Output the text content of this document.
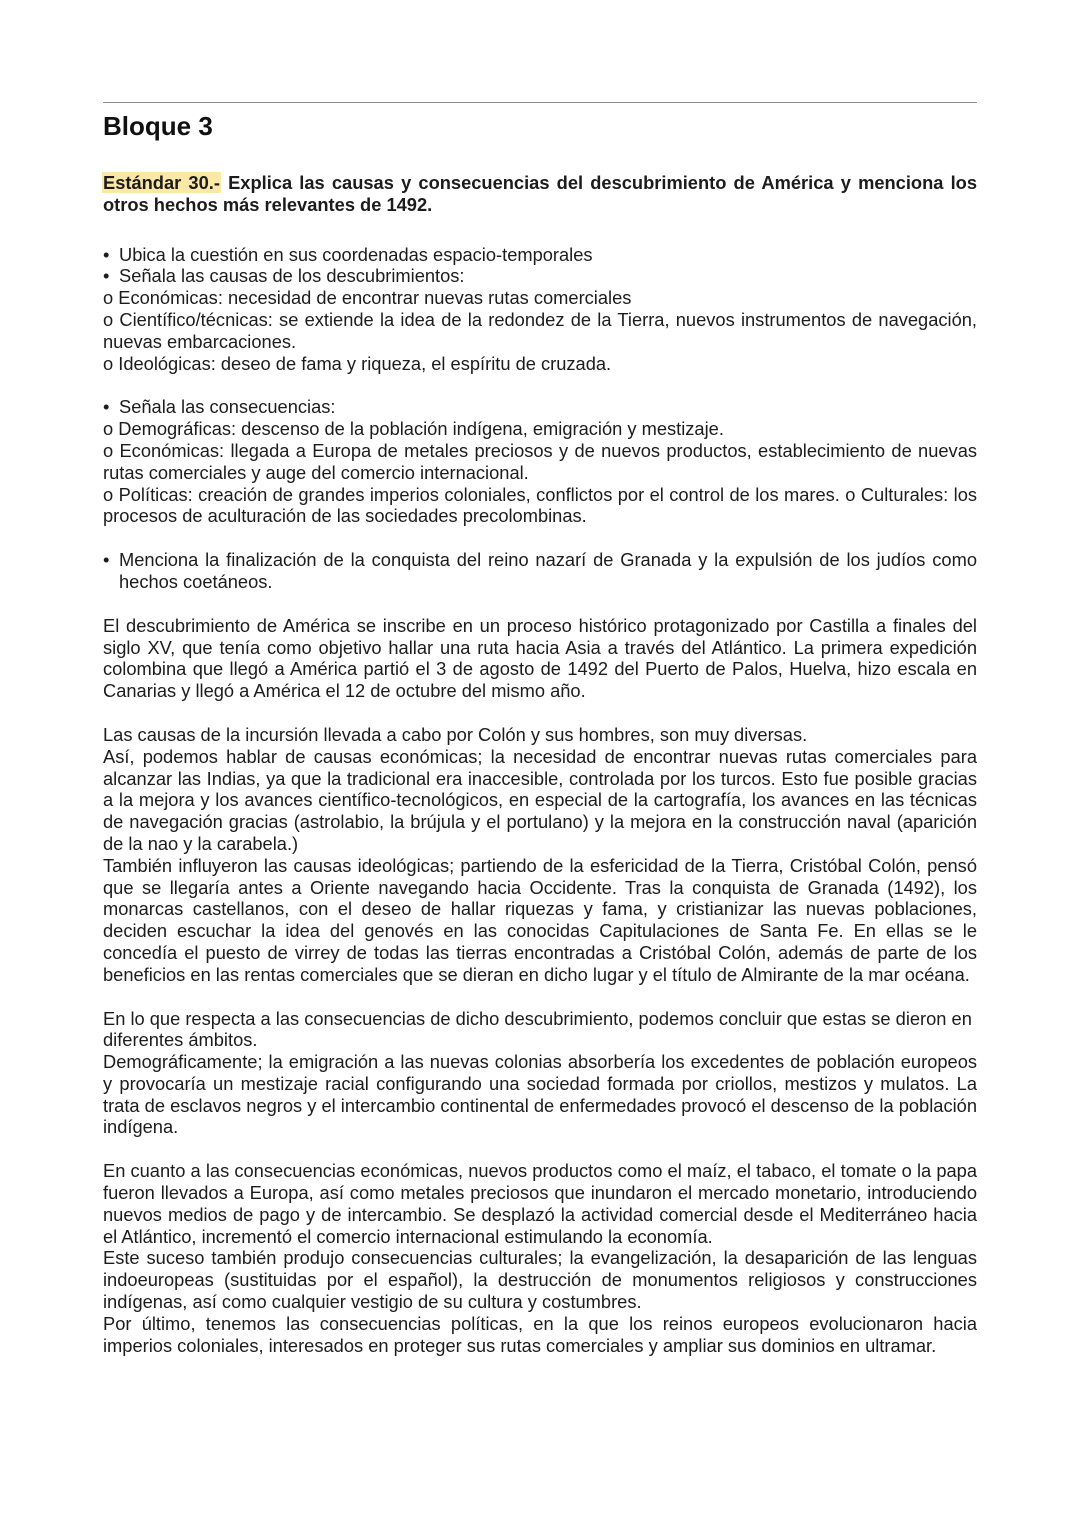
Bloque 3

Estándar 30.- Explica las causas y consecuencias del descubrimiento de América y menciona los otros hechos más relevantes de 1492.

• Ubica la cuestión en sus coordenadas espacio-temporales

• Señala las causas de los descubrimientos:

o Económicas: necesidad de encontrar nuevas rutas comerciales

o Científico/técnicas: se extiende la idea de la redondez de la Tierra, nuevos instrumentos de navegación, nuevas embarcaciones.

o Ideológicas: deseo de fama y riqueza, el espíritu de cruzada.

• Señala las consecuencias:

o Demográficas: descenso de la población indígena, emigración y mestizaje.

o Económicas: llegada a Europa de metales preciosos y de nuevos productos, establecimiento de nuevas rutas comerciales y auge del comercio internacional.

o Políticas: creación de grandes imperios coloniales, conflictos por el control de los mares. o Culturales: los procesos de aculturación de las sociedades precolombinas.

• Menciona la finalización de la conquista del reino nazarí de Granada y la expulsión de los judíos como hechos coetáneos.

El descubrimiento de América se inscribe en un proceso histórico protagonizado por Castilla a finales del siglo XV, que tenía como objetivo hallar una ruta hacia Asia a través del Atlántico. La primera expedición colombina que llegó a América partió el 3 de agosto de 1492 del Puerto de Palos, Huelva, hizo escala en Canarias y llegó a América el 12 de octubre del mismo año.

Las causas de la incursión llevada a cabo por Colón y sus hombres, son muy diversas.

Así, podemos hablar de causas económicas; la necesidad de encontrar nuevas rutas comerciales para alcanzar las Indias, ya que la tradicional era inaccesible, controlada por los turcos. Esto fue posible gracias a la mejora y los avances científico-tecnológicos, en especial de la cartografía, los avances en las técnicas de navegación gracias (astrolabio, la brújula y el portulano) y la mejora en la construcción naval (aparición de la nao y la carabela.)

También influyeron las causas ideológicas; partiendo de la esfericidad de la Tierra, Cristóbal Colón, pensó que se llegaría antes a Oriente navegando hacia Occidente. Tras la conquista de Granada (1492), los monarcas castellanos, con el deseo de hallar riquezas y fama, y cristianizar las nuevas poblaciones, deciden escuchar la idea del genovés en las conocidas Capitulaciones de Santa Fe. En ellas se le concedía el puesto de virrey de todas las tierras encontradas a Cristóbal Colón, además de parte de los beneficios en las rentas comerciales que se dieran en dicho lugar y el título de Almirante de la mar océana.

En lo que respecta a las consecuencias de dicho descubrimiento, podemos concluir que estas se dieron en diferentes ámbitos.

Demográficamente; la emigración a las nuevas colonias absorbería los excedentes de población europeos y provocaría un mestizaje racial configurando una sociedad formada por criollos, mestizos y mulatos. La trata de esclavos negros y el intercambio continental de enfermedades provocó el descenso de la población indígena.

En cuanto a las consecuencias económicas, nuevos productos como el maíz, el tabaco, el tomate o la papa fueron llevados a Europa, así como metales preciosos que inundaron el mercado monetario, introduciendo nuevos medios de pago y de intercambio. Se desplazó la actividad comercial desde el Mediterráneo hacia el Atlántico, incrementó el comercio internacional estimulando la economía.

Este suceso también produjo consecuencias culturales; la evangelización, la desaparición de las lenguas indoeuropeas (sustituidas por el español), la destrucción de monumentos religiosos y construcciones indígenas, así como cualquier vestigio de su cultura y costumbres.

Por último, tenemos las consecuencias políticas, en la que los reinos europeos evolucionaron hacia imperios coloniales, interesados en proteger sus rutas comerciales y ampliar sus dominios en ultramar.
